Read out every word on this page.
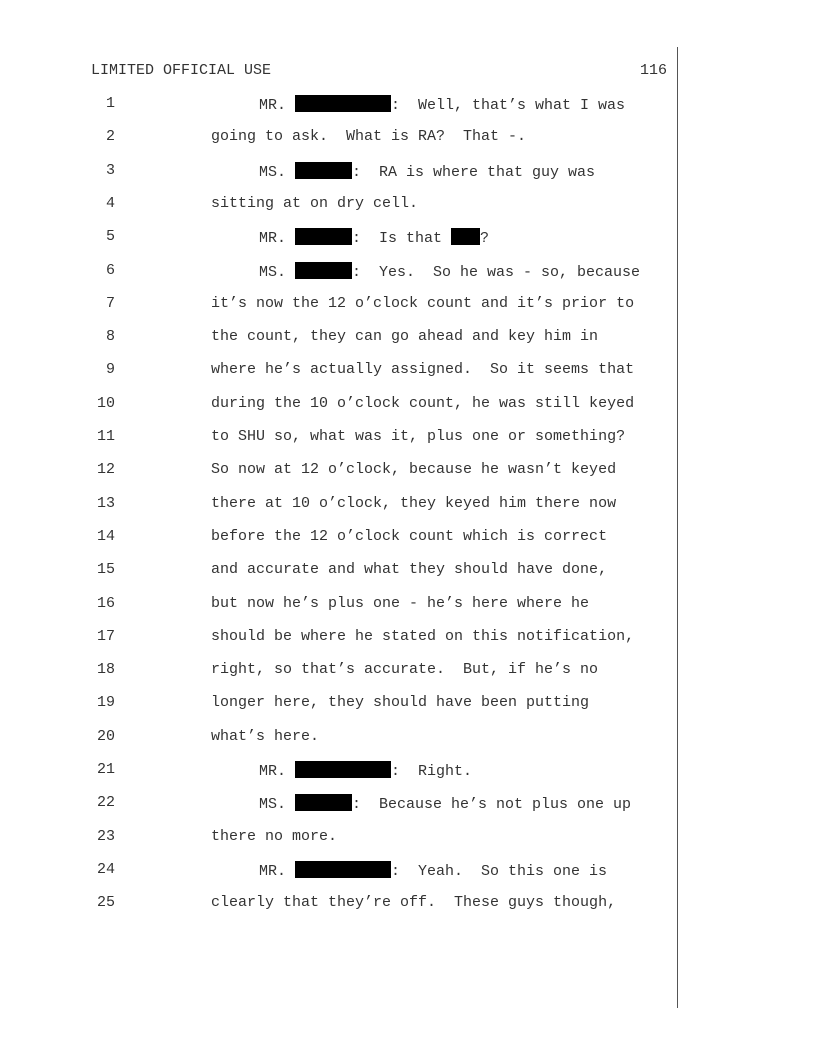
LIMITED OFFICIAL USE	116
1	MR.	:  Well, that’s what I was
2	going to ask.  What is RA?  That -.
3	MS.	:  RA is where that guy was
4	sitting at on dry cell.
5	MR.	:  Is that ?
6	MS.	:  Yes.  So he was - so, because
7	it’s now the 12 o’clock count and it’s prior to
8	the count, they can go ahead and key him in
9	where he’s actually assigned.  So it seems that
10	during the 10 o’clock count, he was still keyed
11	to SHU so, what was it, plus one or something?
12	So now at 12 o’clock, because he wasn’t keyed
13	there at 10 o’clock, they keyed him there now
14	before the 12 o’clock count which is correct
15	and accurate and what they should have done,
16	but now he’s plus one - he’s here where he
17	should be where he stated on this notification,
18	right, so that’s accurate.  But, if he’s no
19	longer here, they should have been putting
20	what’s here.
21	MR.	:  Right.
22	MS.	:  Because he’s not plus one up
23	there no more.
24	MR.	:  Yeah.  So this one is
25	clearly that they’re off.  These guys though,
